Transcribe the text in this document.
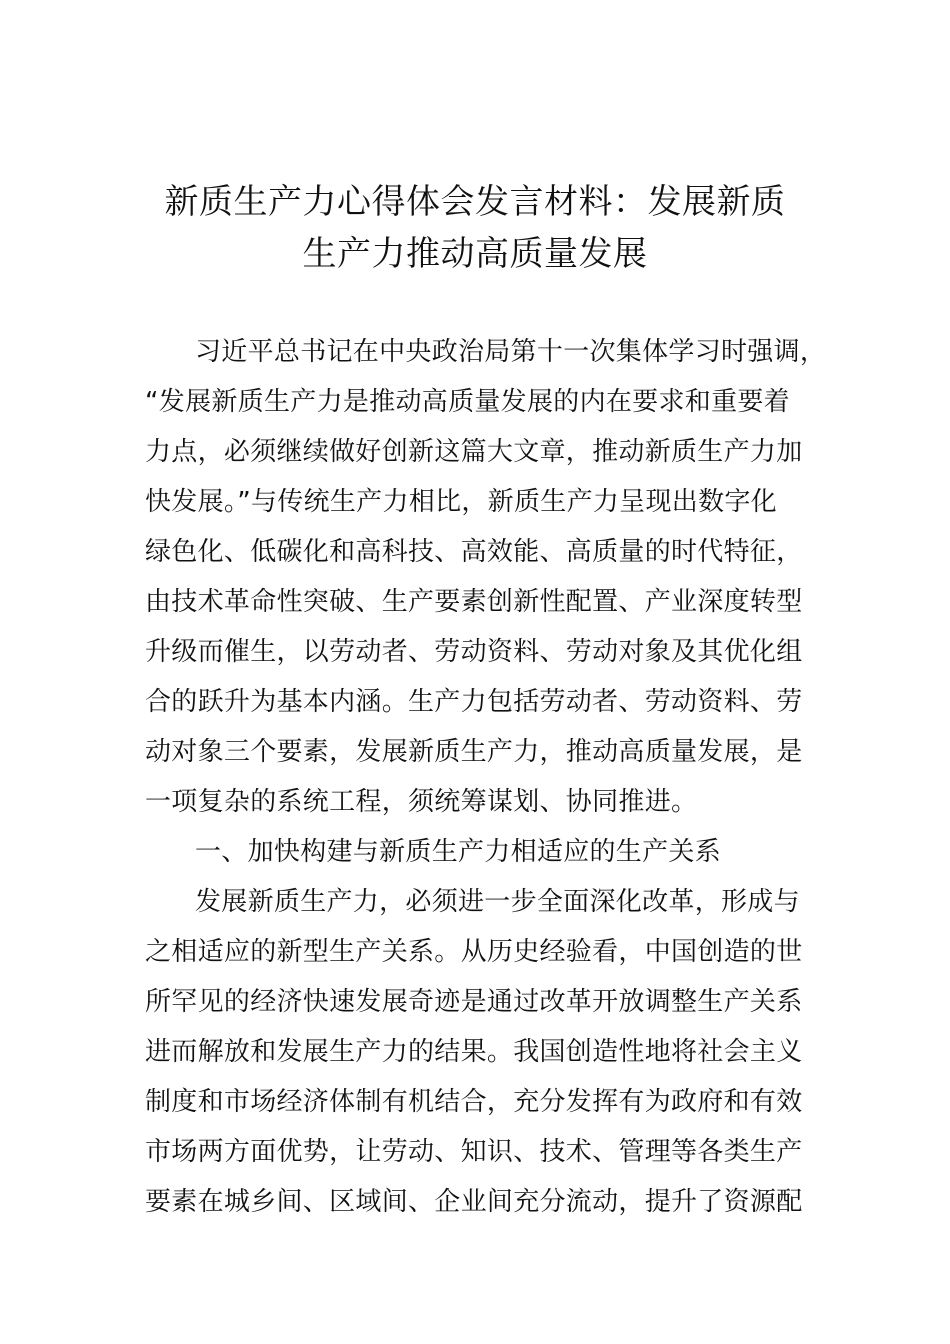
新质生产力心得体会发言材料：发展新质
生产力推动高质量发展
习近平总书记在中央政治局第十一次集体学习时强调，
“发展新质生产力是推动高质量发展的内在要求和重要着
力点，必须继续做好创新这篇大文章，推动新质生产力加
快发展。”与传统生产力相比，新质生产力呈现出数字化
绿色化、低碳化和高科技、高效能、高质量的时代特征，
由技术革命性突破、生产要素创新性配置、产业深度转型
升级而催生，以劳动者、劳动资料、劳动对象及其优化组
合的跃升为基本内涵。生产力包括劳动者、劳动资料、劳
动对象三个要素，发展新质生产力，推动高质量发展，是
一项复杂的系统工程，须统筹谋划、协同推进。
一、加快构建与新质生产力相适应的生产关系
发展新质生产力，必须进一步全面深化改革，形成与
之相适应的新型生产关系。从历史经验看，中国创造的世
所罕见的经济快速发展奇迹是通过改革开放调整生产关系
进而解放和发展生产力的结果。我国创造性地将社会主义
制度和市场经济体制有机结合，充分发挥有为政府和有效
市场两方面优势，让劳动、知识、技术、管理等各类生产
要素在城乡间、区域间、企业间充分流动，提升了资源配
